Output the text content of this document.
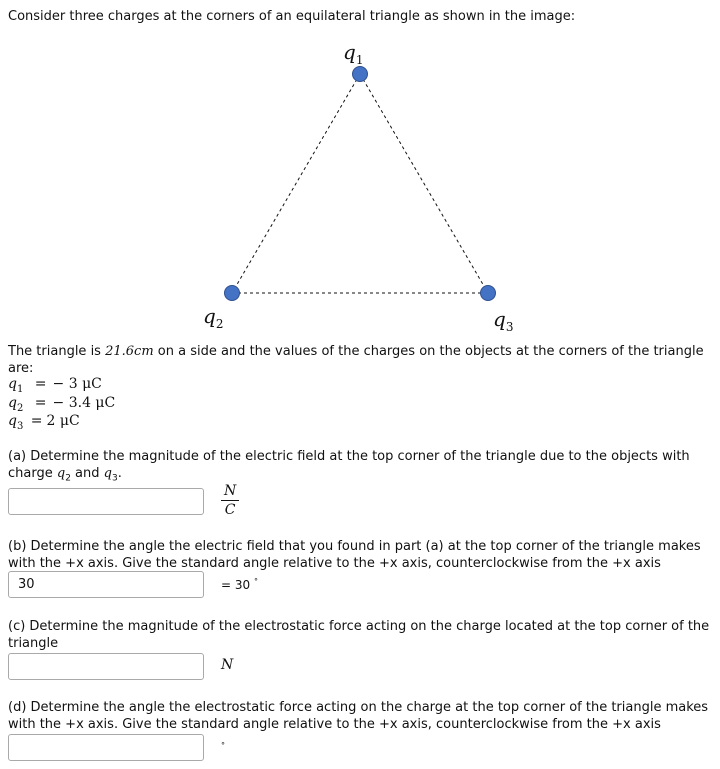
Consider three charges at the corners of an equilateral triangle as shown in the image:
$q_1$
$q_2$	$q_3$
The triangle is 21.6cm on a side and the values of the charges on the objects at the corners of the triangle are:
$q_1$ = − 3 μC
$q_2$ = − 3.4 μC
$q_3 = 2$ μC
(a) Determine the magnitude of the electric field at the top corner of the triangle due to the objects with charge $q_2$ and $q_3$.
$\frac{N}{C}$
(b) Determine the angle the electric field that you found in part (a) at the top corner of the triangle makes with the +x axis. Give the standard angle relative to the +x axis, counterclockwise from the +x axis
30	= 30 °
(c) Determine the magnitude of the electrostatic force acting on the charge located at the top corner of the triangle
N
(d) Determine the angle the electrostatic force acting on the charge at the top corner of the triangle makes with the +x axis. Give the standard angle relative to the +x axis, counterclockwise from the +x axis
°
